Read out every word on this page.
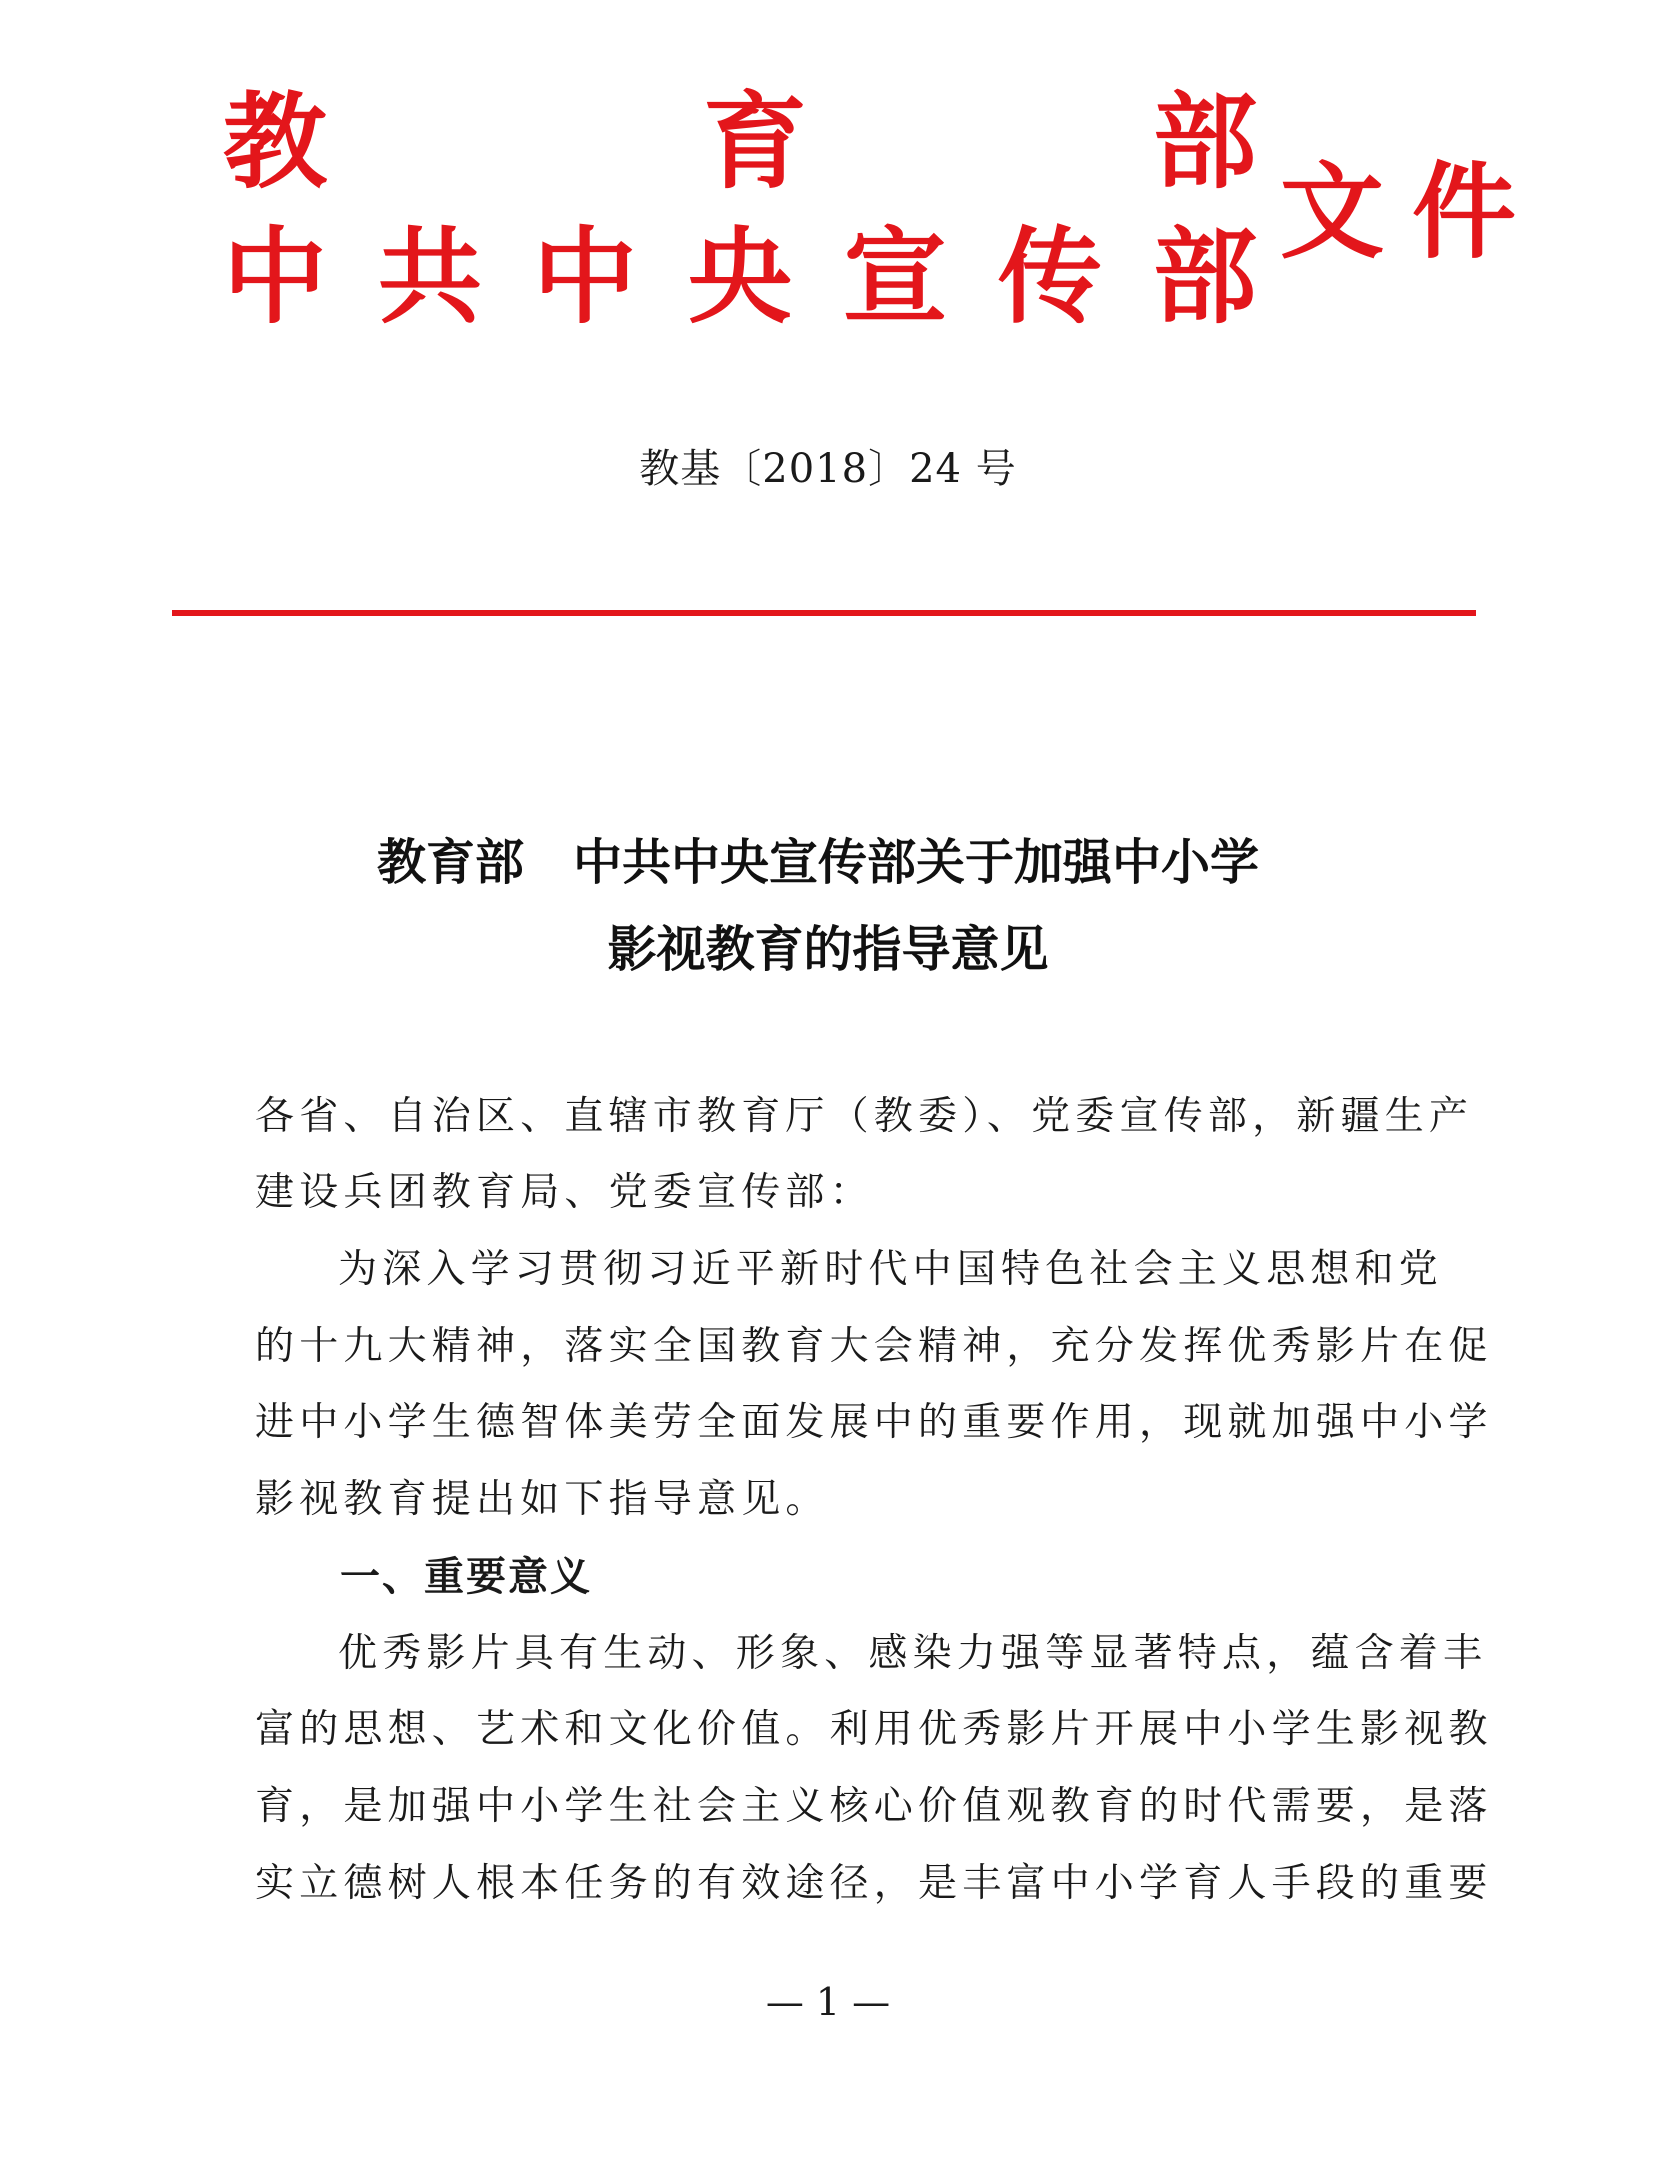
教	育	部
中 共 中 央 宣 传 部
文件
教基〔2018〕24 号
教育部　中共中央宣传部关于加强中小学
影视教育的指导意见
各省、自治区、直辖市教育厅（教委）、党委宣传部，新疆生产
建设兵团教育局、党委宣传部：
为深入学习贯彻习近平新时代中国特色社会主义思想和党
的十九大精神，落实全国教育大会精神，充分发挥优秀影片在促
进中小学生德智体美劳全面发展中的重要作用，现就加强中小学
影视教育提出如下指导意见。
一、重要意义
优秀影片具有生动、形象、感染力强等显著特点，蕴含着丰
富的思想、艺术和文化价值。利用优秀影片开展中小学生影视教
育，是加强中小学生社会主义核心价值观教育的时代需要，是落
实立德树人根本任务的有效途径，是丰富中小学育人手段的重要
— 1 —
